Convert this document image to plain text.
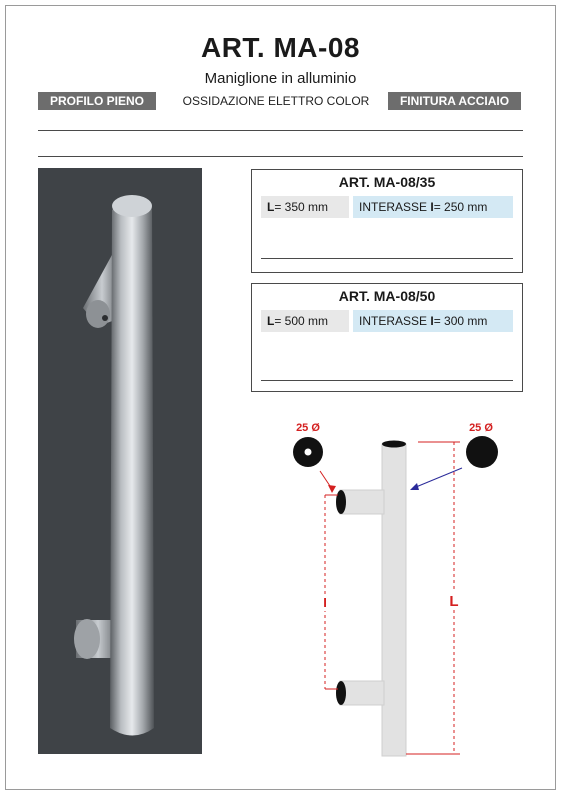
ART. MA-08
Maniglione in alluminio
PROFILO PIENO	OSSIDAZIONE ELETTRO COLOR	FINITURA ACCIAIO
ART. MA-08/35
L= 350 mm	INTERASSE I= 250 mm
ART. MA-08/50
L= 500 mm	INTERASSE I= 300 mm
25 Ø	25 Ø
I	L
